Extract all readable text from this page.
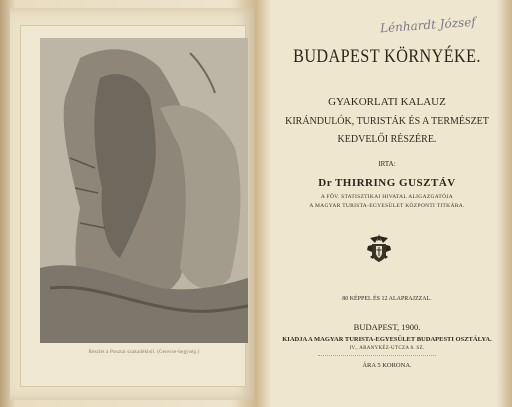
Részlet a Pusztai szakadékból. (Gerecse-hegység.)
Lénhardt József
BUDAPEST KÖRNYÉKE.
GYAKORLATI KALAUZ
KIRÁNDULÓK, TURISTÁK ÉS A TERMÉSZET
KEDVELŐI RÉSZÉRE.
IRTA:
Dr THIRRING GUSZTÁV
A FŐV. STATISZTIKAI HIVATAL ALIGAZGATÓJA
A MAGYAR TURISTA-EGYESÜLET KÖZPONTI TITKÁRA.
80 KÉPPEL ÉS 12 ALAPRAJZZAL.
BUDAPEST, 1900.
KIADJA A MAGYAR TURISTA-EGYESÜLET BUDAPESTI OSZTÁLYA.
IV., ARANYKÉZ-UTCZA 8. SZ.
ÁRA 5 KORONA.
